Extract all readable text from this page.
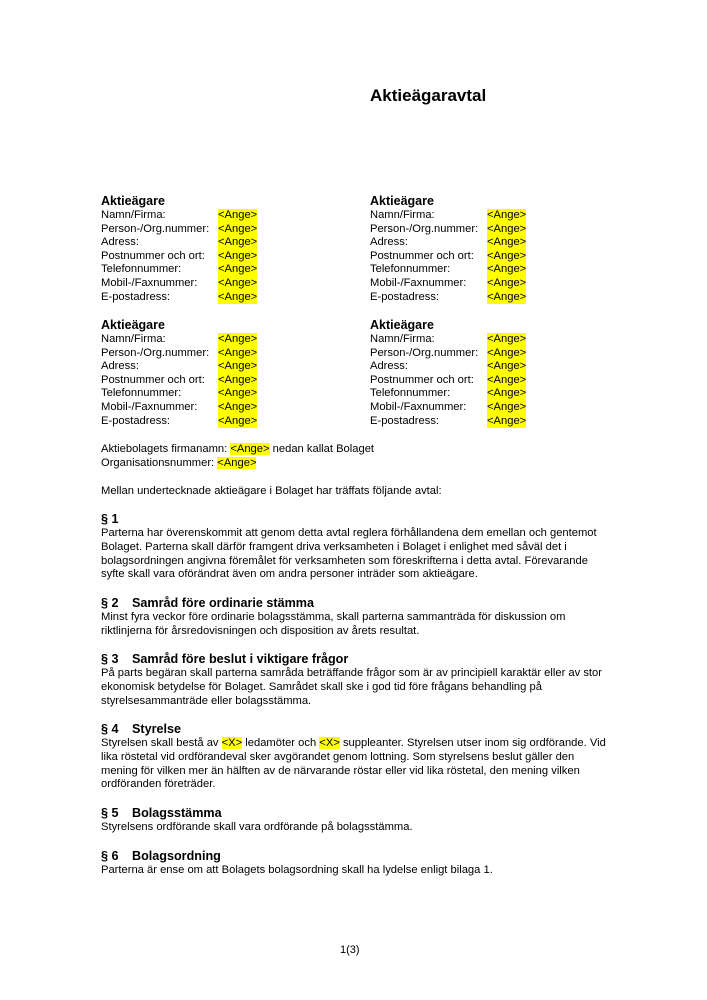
Aktieägaravtal
Aktieägare
Namn/Firma:	<Ange>
Person-/Org.nummer: <Ange>
Adress:	<Ange>
Postnummer och ort:	<Ange>
Telefonnummer:	<Ange>
Mobil-/Faxnummer:	<Ange>
E-postadress:	<Ange>
Aktieägare
Namn/Firma:	<Ange>
Person-/Org.nummer: <Ange>
Adress:	<Ange>
Postnummer och ort:	<Ange>
Telefonnummer:	<Ange>
Mobil-/Faxnummer:	<Ange>
E-postadress:	<Ange>
Aktieägare
Namn/Firma:	<Ange>
Person-/Org.nummer: <Ange>
Adress:	<Ange>
Postnummer och ort:	<Ange>
Telefonnummer:	<Ange>
Mobil-/Faxnummer:	<Ange>
E-postadress:	<Ange>
Aktieägare
Namn/Firma:	<Ange>
Person-/Org.nummer: <Ange>
Adress:	<Ange>
Postnummer och ort:	<Ange>
Telefonnummer:	<Ange>
Mobil-/Faxnummer:	<Ange>
E-postadress:	<Ange>
Aktiebolagets firmanamn: <Ange> nedan kallat Bolaget
Organisationsnummer: <Ange>
Mellan undertecknade aktieägare i Bolaget har träffats följande avtal:
§ 1
Parterna har överenskommit att genom detta avtal reglera förhållandena dem emellan och gentemot Bolaget. Parterna skall därför framgent driva verksamheten i Bolaget i enlighet med såväl det i bolagsordningen angivna föremålet för verksamheten som föreskrifterna i detta avtal. Förevarande syfte skall vara oförändrat även om andra personer inträder som aktieägare.
§ 2 Samråd före ordinarie stämma
Minst fyra veckor före ordinarie bolagsstämma, skall parterna sammanträda för diskussion om riktlinjerna för årsredovisningen och disposition av årets resultat.
§ 3 Samråd före beslut i viktigare frågor
På parts begäran skall parterna samråda beträffande frågor som är av principiell karaktär eller av stor ekonomisk betydelse för Bolaget. Samrådet skall ske i god tid före frågans behandling på styrelsesammanträde eller bolagsstämma.
§ 4 Styrelse
Styrelsen skall bestå av <X> ledamöter och <X> suppleanter. Styrelsen utser inom sig ordförande. Vid lika röstetal vid ordförandeval sker avgörandet genom lottning. Som styrelsens beslut gäller den mening för vilken mer än hälften av de närvarande röstar eller vid lika röstetal, den mening vilken ordföranden företräder.
§ 5 Bolagsstämma
Styrelsens ordförande skall vara ordförande på bolagsstämma.
§ 6 Bolagsordning
Parterna är ense om att Bolagets bolagsordning skall ha lydelse enligt bilaga 1.
1(3)
